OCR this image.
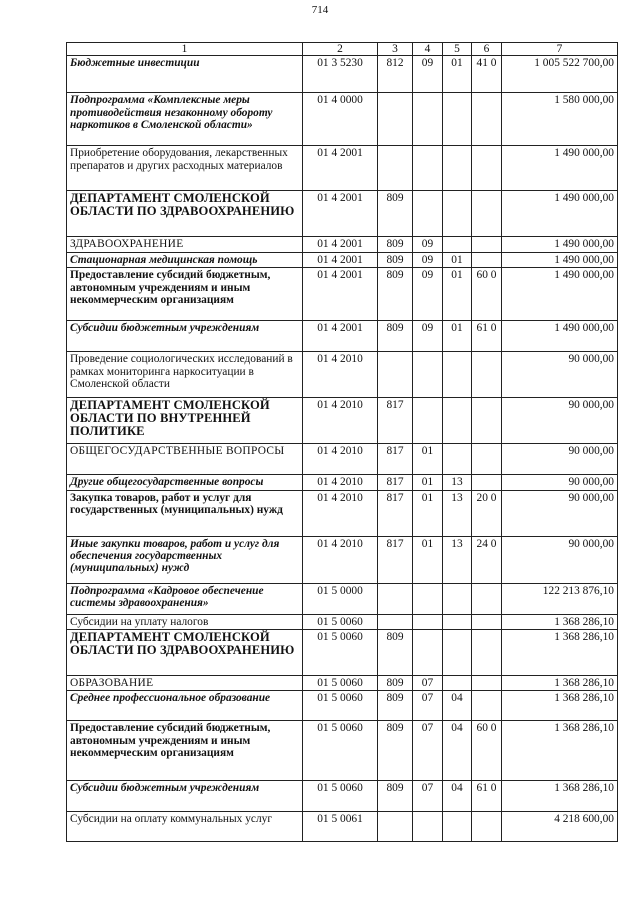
714
1	2	3	4	5	6	7
Бюджетные инвестиции	01 3 5230	812	09	01	41 0	1 005 522 700,00
Подпрограмма «Комплексные меры противодействия незаконному обороту наркотиков в Смоленской области»	01 4 0000					1 580 000,00
Приобретение оборудования, лекарственных препаратов и других расходных материалов	01 4 2001					1 490 000,00
ДЕПАРТАМЕНТ СМОЛЕНСКОЙ ОБЛАСТИ ПО ЗДРАВООХРАНЕНИЮ	01 4 2001	809				1 490 000,00
ЗДРАВООХРАНЕНИЕ	01 4 2001	809	09			1 490 000,00
Стационарная медицинская помощь	01 4 2001	809	09	01		1 490 000,00
Предоставление субсидий бюджетным, автономным учреждениям и иным некоммерческим организациям	01 4 2001	809	09	01	60 0	1 490 000,00
Субсидии бюджетным учреждениям	01 4 2001	809	09	01	61 0	1 490 000,00
Проведение социологических исследований в рамках мониторинга наркоситуации в Смоленской области	01 4 2010					90 000,00
ДЕПАРТАМЕНТ СМОЛЕНСКОЙ ОБЛАСТИ ПО ВНУТРЕННЕЙ ПОЛИТИКЕ	01 4 2010	817				90 000,00
ОБЩЕГОСУДАРСТВЕННЫЕ ВОПРОСЫ	01 4 2010	817	01			90 000,00
Другие общегосударственные вопросы	01 4 2010	817	01	13		90 000,00
Закупка товаров, работ и услуг для государственных (муниципальных) нужд	01 4 2010	817	01	13	20 0	90 000,00
Иные закупки товаров, работ и услуг для обеспечения государственных (муниципальных) нужд	01 4 2010	817	01	13	24 0	90 000,00
Подпрограмма «Кадровое обеспечение системы здравоохранения»	01 5 0000					122 213 876,10
Субсидии на уплату налогов	01 5 0060					1 368 286,10
ДЕПАРТАМЕНТ СМОЛЕНСКОЙ ОБЛАСТИ ПО ЗДРАВООХРАНЕНИЮ	01 5 0060	809				1 368 286,10
ОБРАЗОВАНИЕ	01 5 0060	809	07			1 368 286,10
Среднее профессиональное образование	01 5 0060	809	07	04		1 368 286,10
Предоставление субсидий бюджетным, автономным учреждениям и иным некоммерческим организациям	01 5 0060	809	07	04	60 0	1 368 286,10
Субсидии бюджетным учреждениям	01 5 0060	809	07	04	61 0	1 368 286,10
Субсидии на оплату коммунальных услуг	01 5 0061					4 218 600,00
